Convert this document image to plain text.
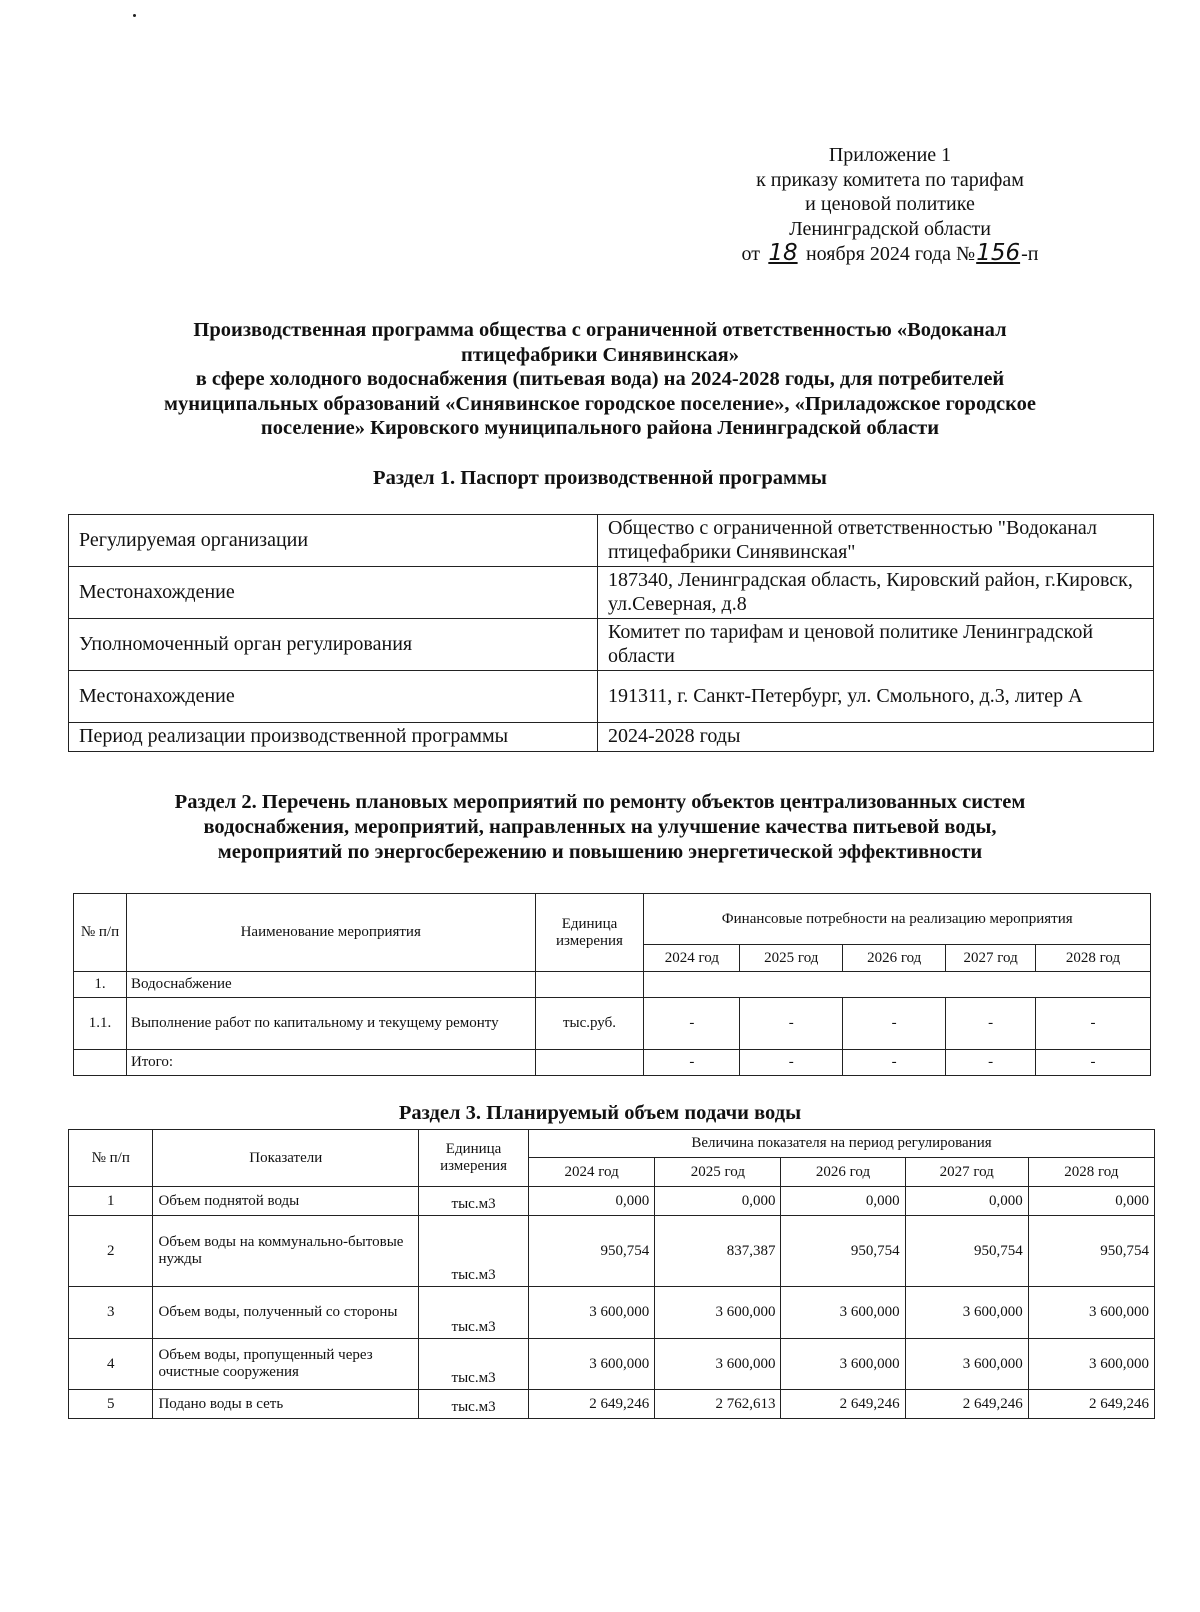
Приложение 1
к приказу комитета по тарифам
и ценовой политике
Ленинградской области
от 18 ноября 2024 года №156-п
Производственная программа общества с ограниченной ответственностью «Водоканал
птицефабрики Синявинская»
в сфере холодного водоснабжения (питьевая вода) на 2024-2028 годы, для потребителей
муниципальных образований «Синявинское городское поселение», «Приладожское городское
поселение» Кировского муниципального района Ленинградской области
Раздел 1. Паспорт производственной программы
Регулируемая организации	Общество с ограниченной ответственностью "Водоканал птицефабрики Синявинская"
Местонахождение	187340, Ленинградская область, Кировский район, г.Кировск, ул.Северная, д.8
Уполномоченный орган регулирования	Комитет по тарифам и ценовой политике Ленинградской области
Местонахождение	191311, г. Санкт-Петербург, ул. Смольного, д.3, литер А
Период реализации производственной программы	2024-2028 годы
Раздел 2. Перечень плановых мероприятий по ремонту объектов централизованных систем
водоснабжения, мероприятий, направленных на улучшение качества питьевой воды,
мероприятий по энергосбережению и повышению энергетической эффективности
№ п/п	Наименование мероприятия	Единица измерения	Финансовые потребности на реализацию мероприятия				
			2024 год	2025 год	2026 год	2027 год	2028 год
1.	Водоснабжение						
1.1.	Выполнение работ по капитальному и текущему ремонту	тыс.руб.	-	-	-	-	-
	Итого:		-	-	-	-	-
Раздел 3. Планируемый объем подачи воды
№ п/п	Показатели	Единица измерения	Величина показателя на период регулирования				
			2024 год	2025 год	2026 год	2027 год	2028 год
1	Объем поднятой воды	тыс.м3	0,000	0,000	0,000	0,000	0,000
2	Объем воды на коммунально-бытовые нужды	тыс.м3	950,754	837,387	950,754	950,754	950,754
3	Объем воды, полученный со стороны	тыс.м3	3 600,000	3 600,000	3 600,000	3 600,000	3 600,000
4	Объем воды, пропущенный через очистные сооружения	тыс.м3	3 600,000	3 600,000	3 600,000	3 600,000	3 600,000
5	Подано воды в сеть	тыс.м3	2 649,246	2 762,613	2 649,246	2 649,246	2 649,246
